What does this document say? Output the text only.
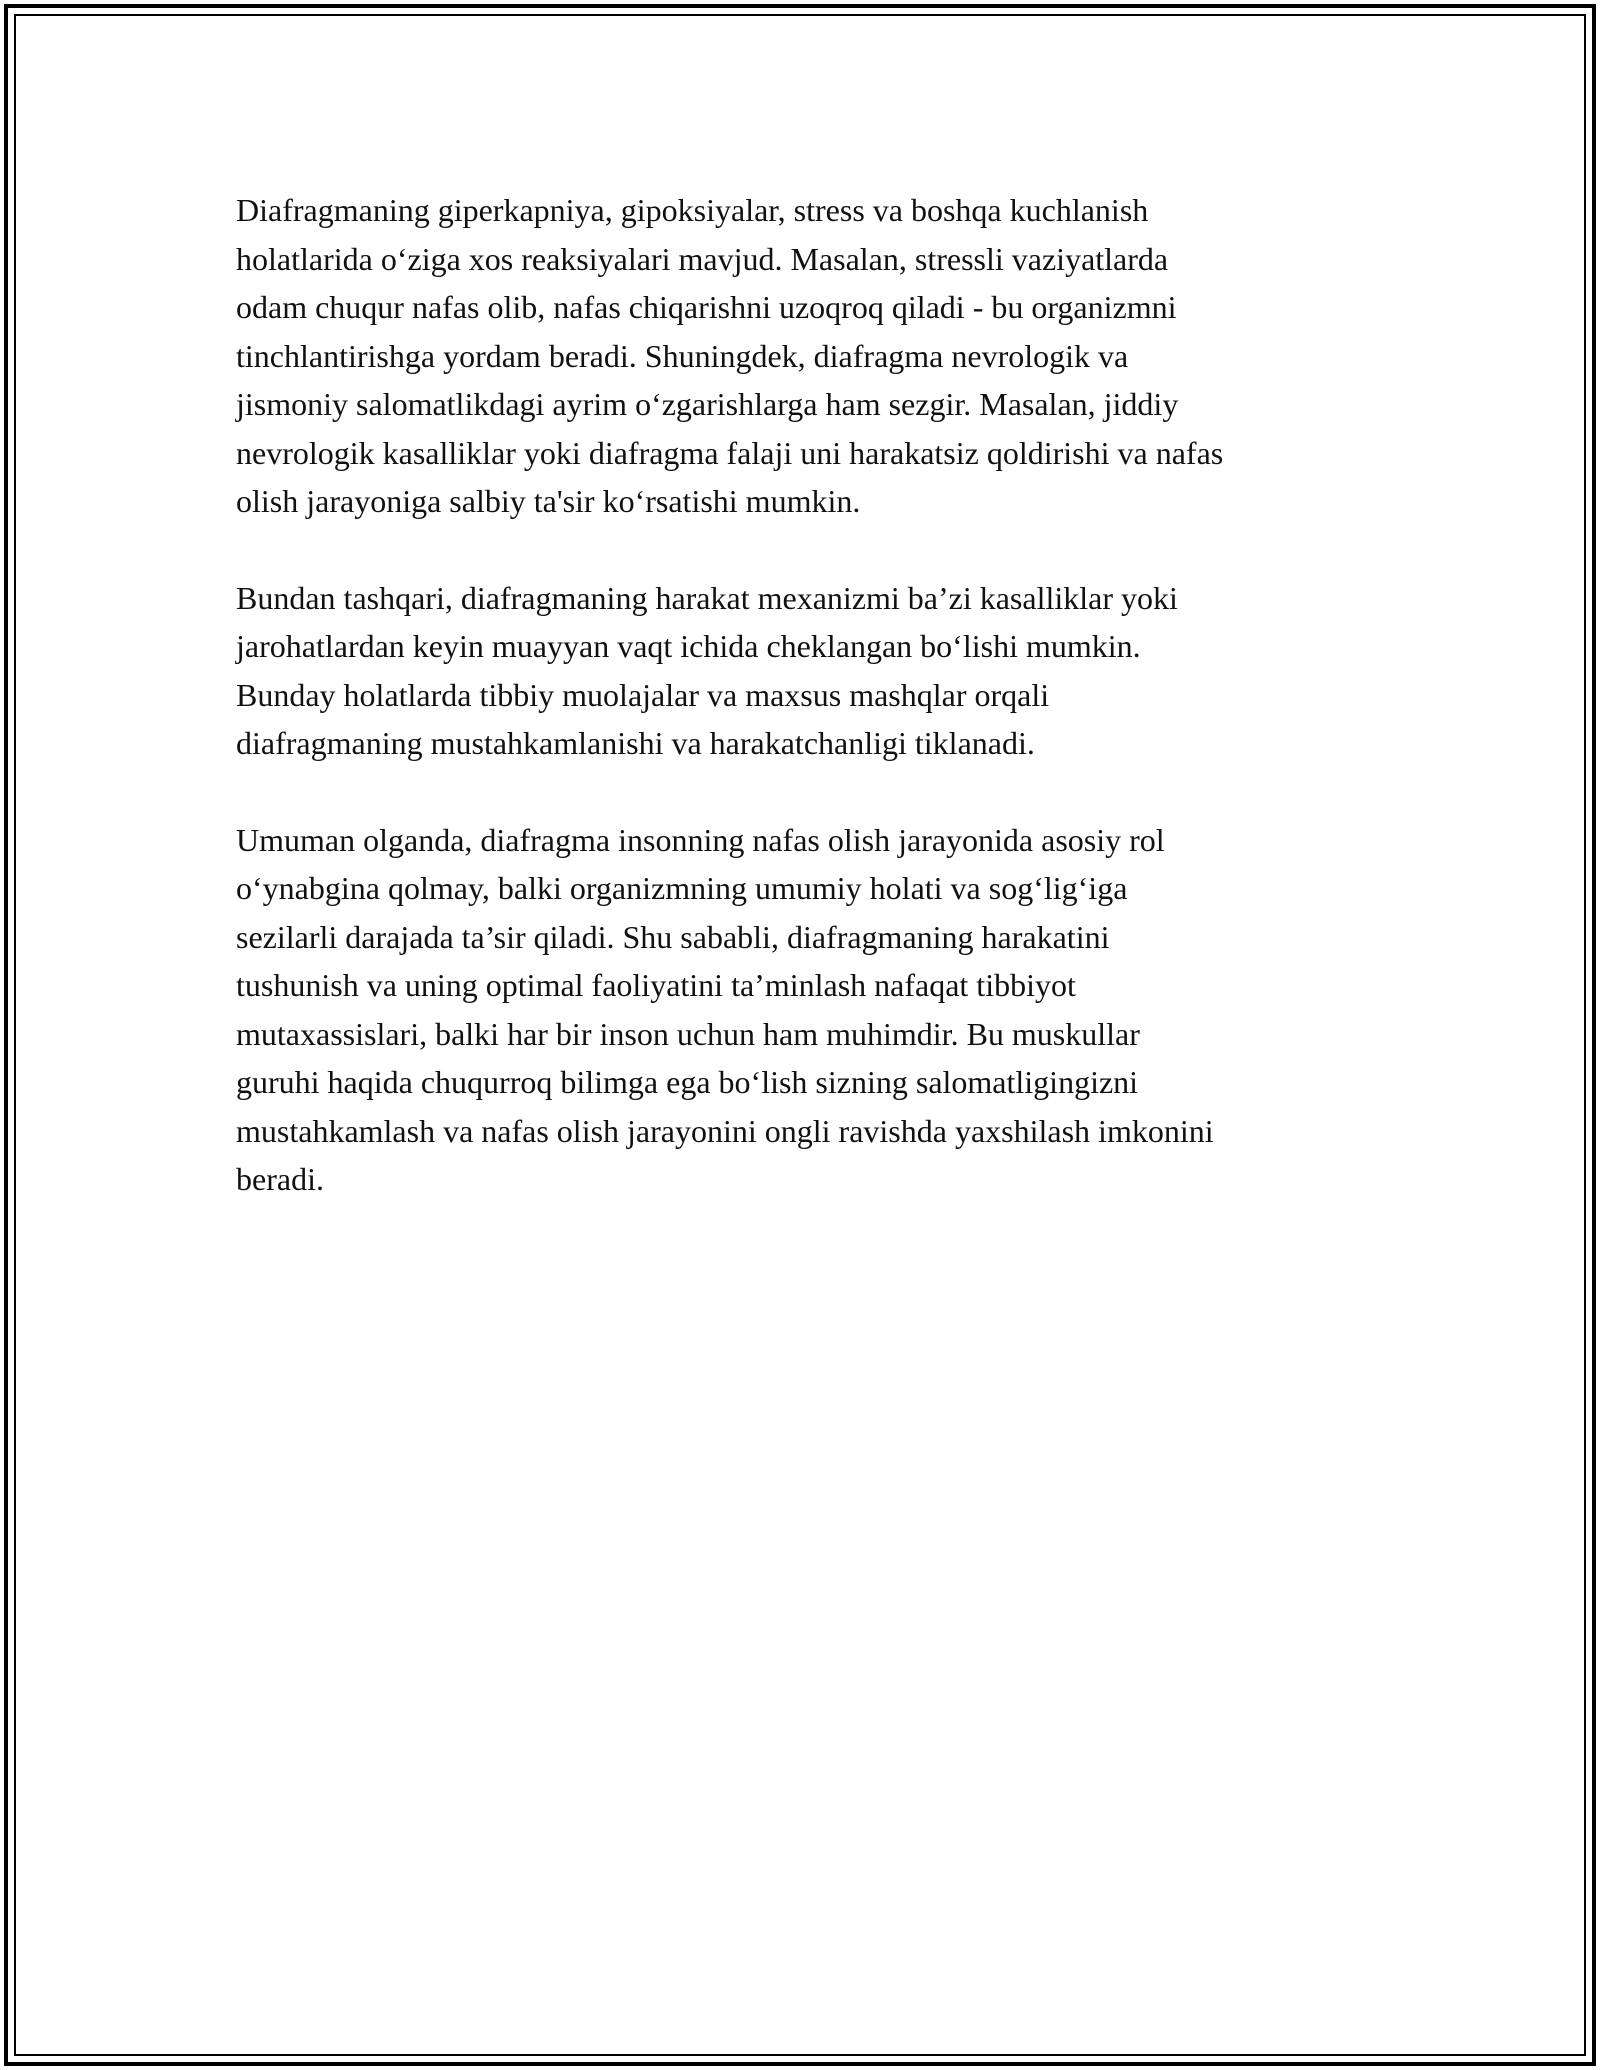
Diafragmaning giperkapniya, gipoksiyalar, stress va boshqa kuchlanish
holatlarida oʻziga xos reaksiyalari mavjud. Masalan, stressli vaziyatlarda
odam chuqur nafas olib, nafas chiqarishni uzoqroq qiladi - bu organizmni
tinchlantirishga yordam beradi. Shuningdek, diafragma nevrologik va
jismoniy salomatlikdagi ayrim oʻzgarishlarga ham sezgir. Masalan, jiddiy
nevrologik kasalliklar yoki diafragma falaji uni harakatsiz qoldirishi va nafas
olish jarayoniga salbiy ta'sir koʻrsatishi mumkin.

Bundan tashqari, diafragmaning harakat mexanizmi ba’zi kasalliklar yoki
jarohatlardan keyin muayyan vaqt ichida cheklangan boʻlishi mumkin.
Bunday holatlarda tibbiy muolajalar va maxsus mashqlar orqali
diafragmaning mustahkamlanishi va harakatchanligi tiklanadi.

Umuman olganda, diafragma insonning nafas olish jarayonida asosiy rol
oʻynabgina qolmay, balki organizmning umumiy holati va sogʻligʻiga
sezilarli darajada ta’sir qiladi. Shu sababli, diafragmaning harakatini
tushunish va uning optimal faoliyatini ta’minlash nafaqat tibbiyot
mutaxassislari, balki har bir inson uchun ham muhimdir. Bu muskullar
guruhi haqida chuqurroq bilimga ega boʻlish sizning salomatligingizni
mustahkamlash va nafas olish jarayonini ongli ravishda yaxshilash imkonini
beradi.
